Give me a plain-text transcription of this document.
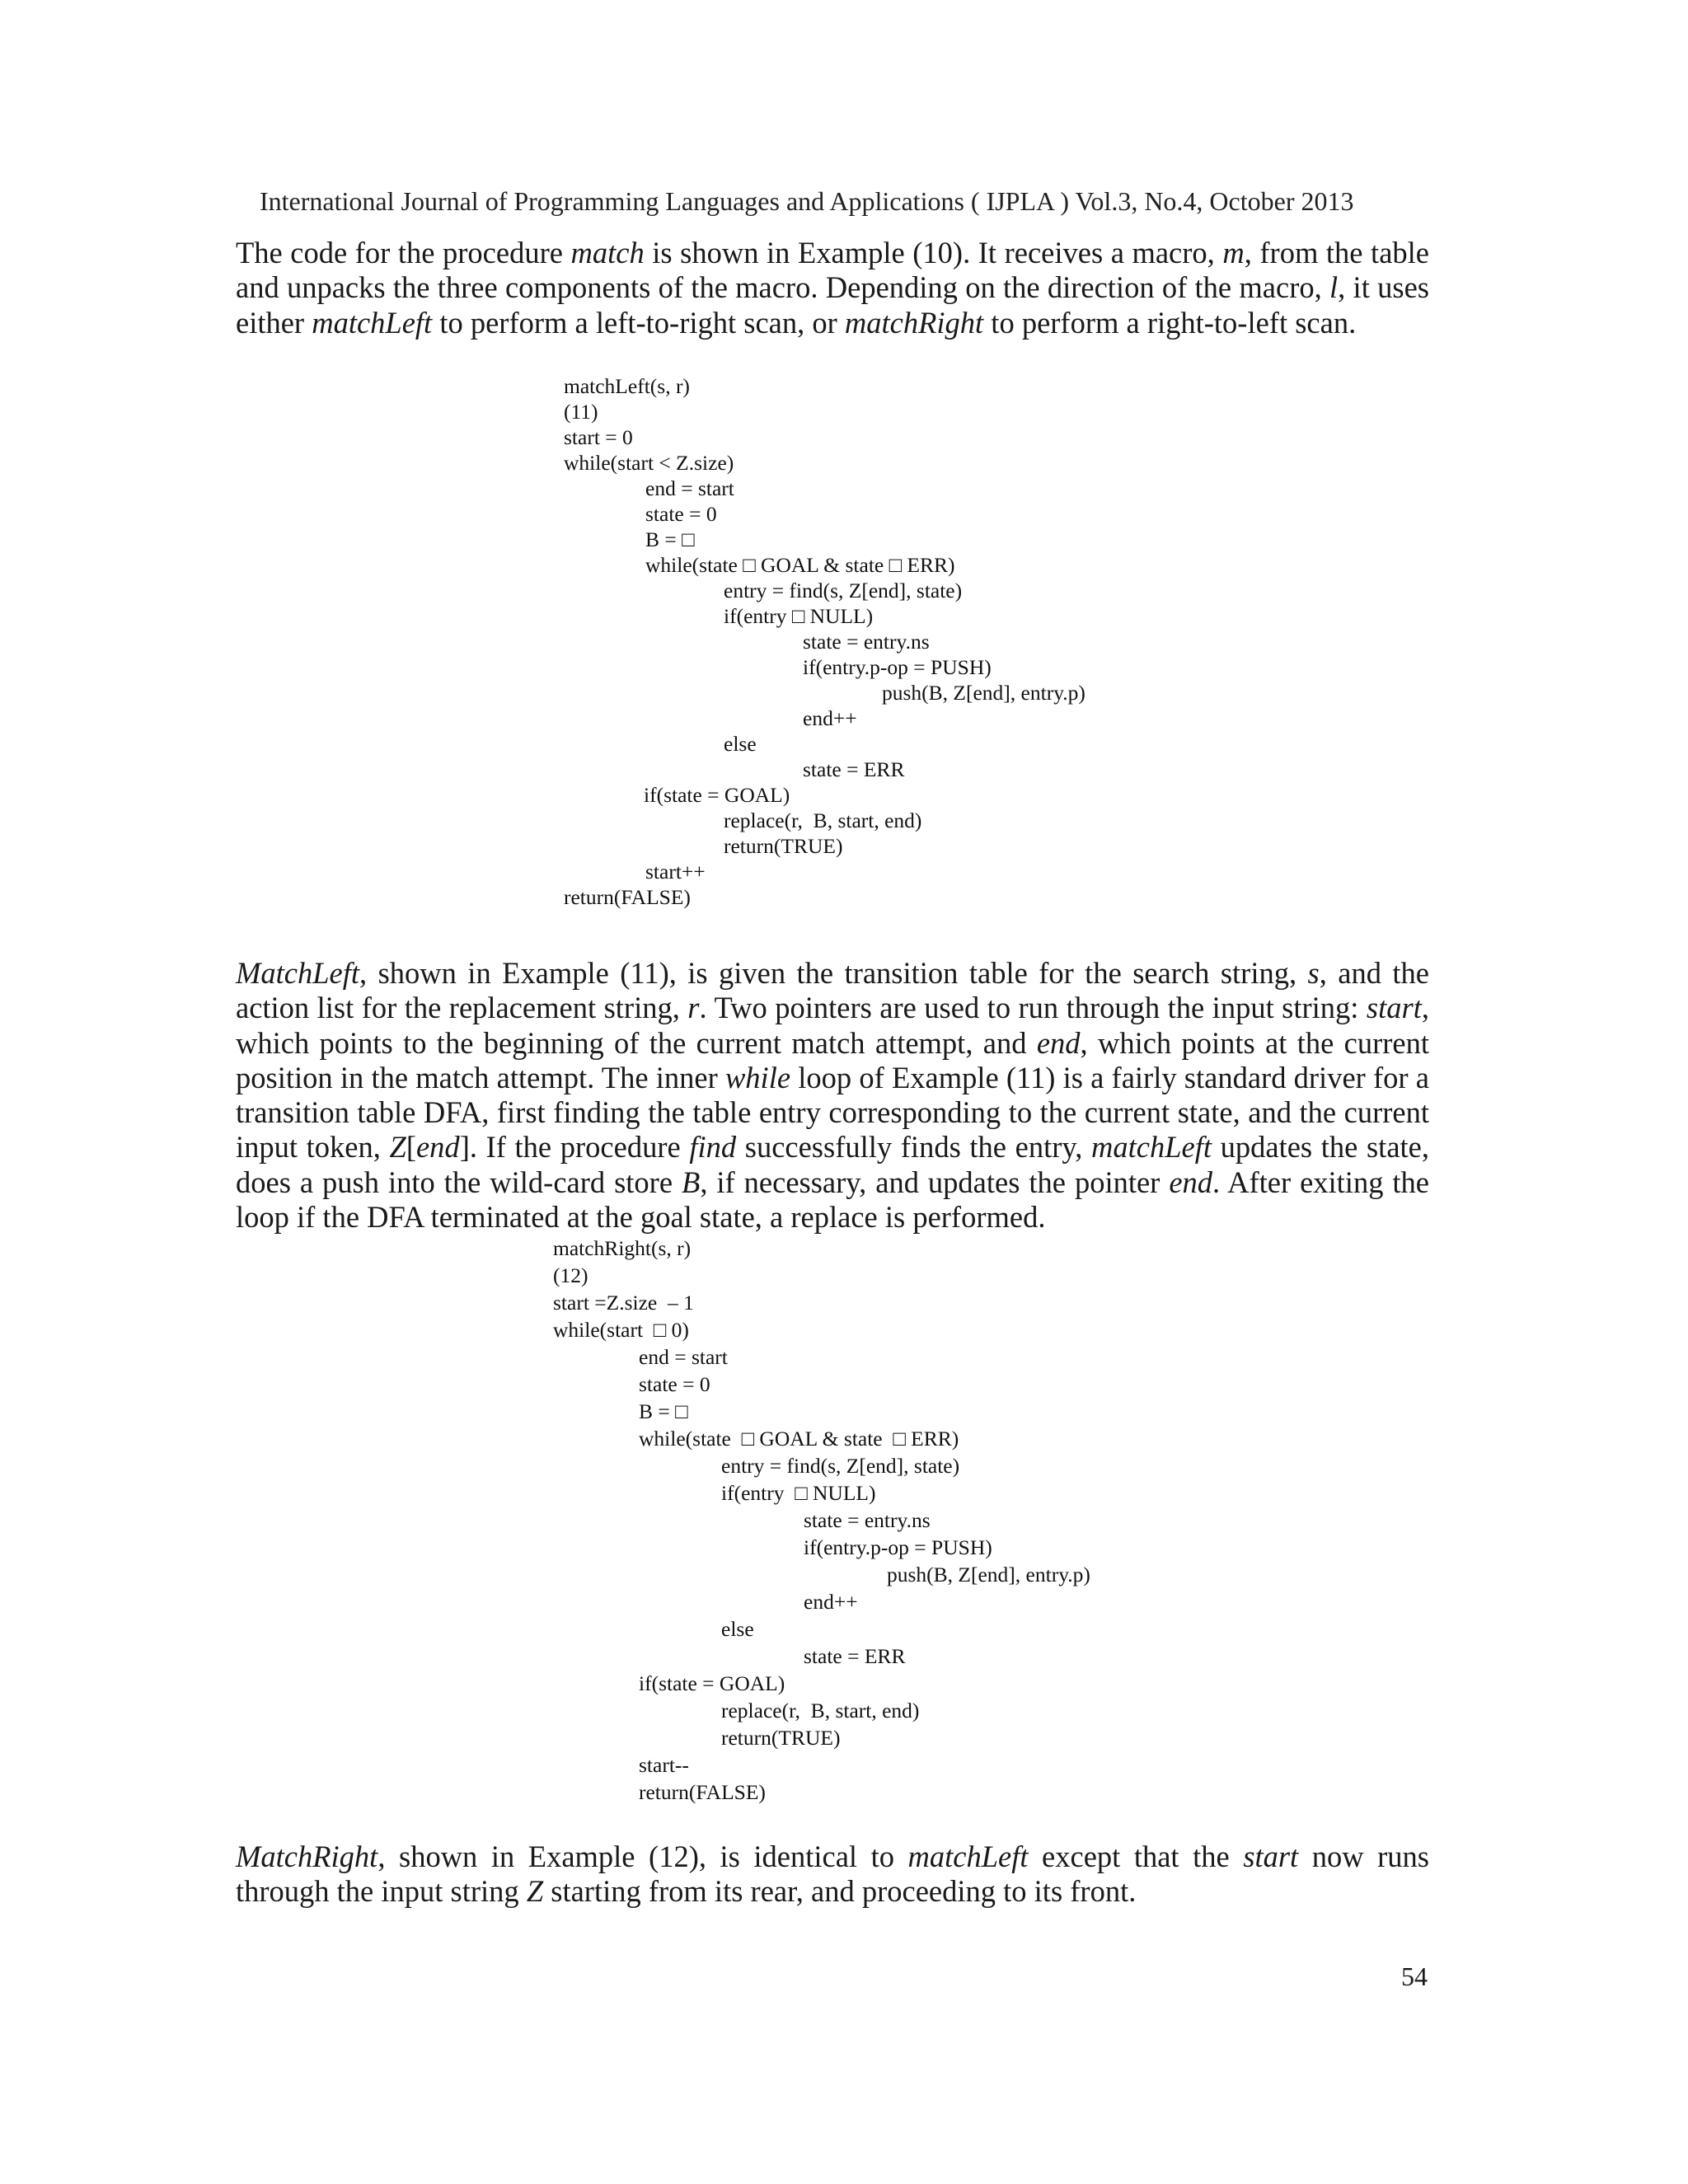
International Journal of Programming Languages and Applications ( IJPLA ) Vol.3, No.4, October 2013

The code for the procedure match is shown in Example (10). It receives a macro, m, from the table and unpacks the three components of the macro. Depending on the direction of the macro, l, it uses either matchLeft to perform a left-to-right scan, or matchRight to perform a right-to-left scan.

matchLeft(s, r)
(11)
start = 0
while(start < Z.size)
end = start
state = 0
B = □
while(state □ GOAL & state □ ERR)
entry = find(s, Z[end], state)
if(entry □ NULL)
state = entry.ns
if(entry.p-op = PUSH)
push(B, Z[end], entry.p)
end++
else
state = ERR
if(state = GOAL)
replace(r,  B, start, end)
return(TRUE)
start++
return(FALSE)

MatchLeft, shown in Example (11), is given the transition table for the search string, s, and the action list for the replacement string, r. Two pointers are used to run through the input string: start, which points to the beginning of the current match attempt, and end, which points at the current position in the match attempt. The inner while loop of Example (11) is a fairly standard driver for a transition table DFA, first finding the table entry corresponding to the current state, and the current input token, Z[end]. If the procedure find successfully finds the entry, matchLeft updates the state, does a push into the wild-card store B, if necessary, and updates the pointer end. After exiting the loop if the DFA terminated at the goal state, a replace is performed.

matchRight(s, r)
(12)
start =Z.size  – 1
while(start  □ 0)
end = start
state = 0
B = □
while(state  □ GOAL & state  □ ERR)
entry = find(s, Z[end], state)
if(entry  □ NULL)
state = entry.ns
if(entry.p-op = PUSH)
push(B, Z[end], entry.p)
end++
else
state = ERR
if(state = GOAL)
replace(r,  B, start, end)
return(TRUE)
start--
return(FALSE)

MatchRight, shown in Example (12), is identical to matchLeft except that the start now runs through the input string Z starting from its rear, and proceeding to its front.

54
